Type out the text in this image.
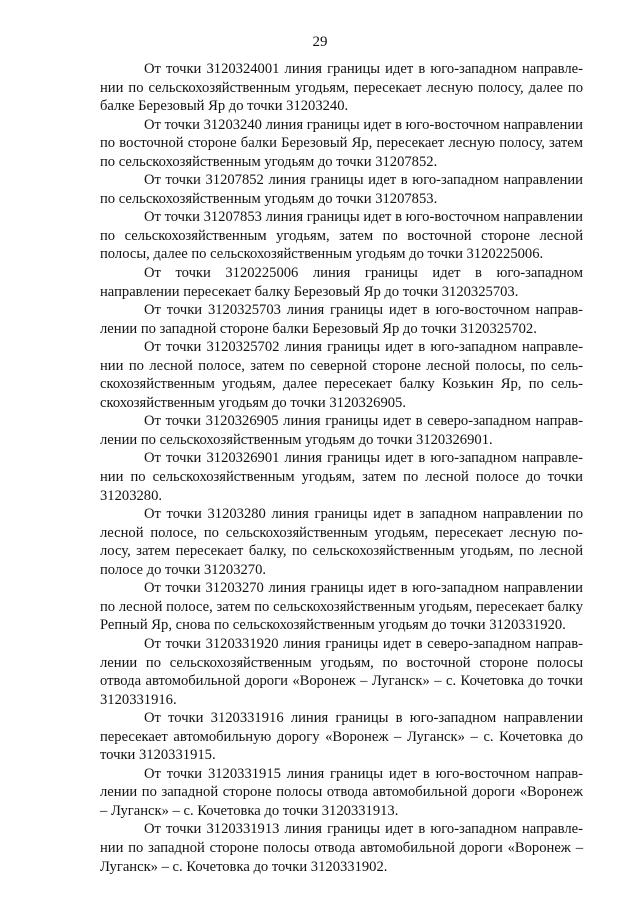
29

От точки 3120324001 линия границы идет в юго-западном направлении по сельскохозяйственным угодьям, пересекает лесную полосу, далее по балке Березовый Яр до точки 31203240.

От точки 31203240 линия границы идет в юго-восточном направлении по восточной стороне балки Березовый Яр, пересекает лесную полосу, затем по сельскохозяйственным угодьям до точки 31207852.

От точки 31207852 линия границы идет в юго-западном направлении по сельскохозяйственным угодьям до точки 31207853.

От точки 31207853 линия границы идет в юго-восточном направлении по сельскохозяйственным угодьям, затем по восточной стороне лесной полосы, далее по сельскохозяйственным угодьям до точки 3120225006.

От точки 3120225006 линия границы идет в юго-западном направлении пересекает балку Березовый Яр до точки 3120325703.

От точки 3120325703 линия границы идет в юго-восточном направлении по западной стороне балки Березовый Яр до точки 3120325702.

От точки 3120325702 линия границы идет в юго-западном направлении по лесной полосе, затем по северной стороне лесной полосы, по сельскохозяйственным угодьям, далее пересекает балку Козькин Яр, по сельскохозяйственным угодьям до точки 3120326905.

От точки 3120326905 линия границы идет в северо-западном направлении по сельскохозяйственным угодьям до точки 3120326901.

От точки 3120326901 линия границы идет в юго-западном направлении по сельскохозяйственным угодьям, затем по лесной полосе до точки 31203280.

От точки 31203280 линия границы идет в западном направлении по лесной полосе, по сельскохозяйственным угодьям, пересекает лесную полосу, затем пересекает балку, по сельскохозяйственным угодьям, по лесной полосе до точки 31203270.

От точки 31203270 линия границы идет в юго-западном направлении по лесной полосе, затем по сельскохозяйственным угодьям, пересекает балку Репный Яр, снова по сельскохозяйственным угодьям до точки 3120331920.

От точки 3120331920 линия границы идет в северо-западном направлении по сельскохозяйственным угодьям, по восточной стороне полосы отвода автомобильной дороги «Воронеж – Луганск» – с. Кочетовка до точки 3120331916.

От точки 3120331916 линия границы в юго-западном направлении пересекает автомобильную дорогу «Воронеж – Луганск» – с. Кочетовка до точки 3120331915.

От точки 3120331915 линия границы идет в юго-восточном направлении по западной стороне полосы отвода автомобильной дороги «Воронеж – Луганск» – с. Кочетовка до точки 3120331913.

От точки 3120331913 линия границы идет в юго-западном направлении по западной стороне полосы отвода автомобильной дороги «Воронеж – Луганск» – с. Кочетовка до точки 3120331902.
